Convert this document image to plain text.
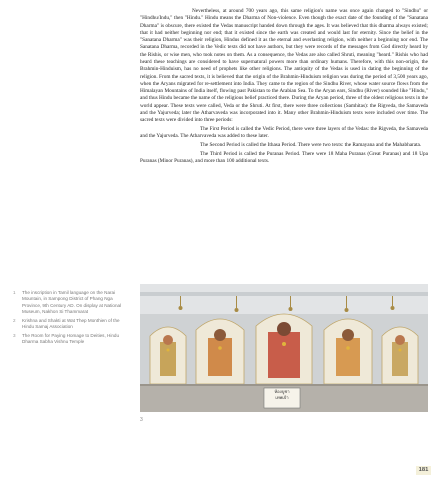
Nevertheless, at around 700 years ago, this same religion's name was once again changed to "Sindhu" or "Hindhu/Indu," then "Hindu." Hindu means the Dharma of Non-violence. Even though the exact date of the founding of the "Sanatana Dharma" is obscure, there existed the Vedas manuscript handed down through the ages. It was believed that this dharma always existed; that it had neither beginning nor end; that it existed since the earth was created and would last for eternity. Since the belief in the "Sanatana Dharma" was their religion, Hindus defined it as the eternal and everlasting religion, with neither a beginning nor end. The Sanatana Dharma, recorded in the Vedic texts did not have authors, but they were records of the messages from God directly heard by the Rishis, or wise men, who took notes on them. As a consequence, the Vedas are also called Shruti, meaning "heard." Rishis who had heard these teachings are considered to have supernatural powers more than ordinary humans. Therefore, with this non-origin, the Brahmin-Hinduism, has no need of prophets like other religions. The antiquity of the Vedas is used in dating the beginning of the religion. From the sacred texts, it is believed that the origin of the Brahmin-Hinduism religion was during the period of 3,500 years ago, when the Aryans migrated for re-settlement into India. They came to the region of the Sindhu River, whose water source flows from the Himalayan Mountains of India itself, flowing past Pakistan to the Arabian Sea. To the Aryan ears, Sindhu (River) sounded like "Hindu," and thus Hindu became the name of the religious belief practiced there. During the Aryan period, three of the oldest religious texts in the world appear. These texts were called, Veda or the Shruti. At first, there were three collections (Samhitas): the Rigveda, the Samaveda and the Yajurveda; later the Atharvaveda was incorporated into it. Many other Brahmin-Hinduism texts were included over time. The sacred texts were divided into three periods:

The First Period is called the Vedic Period, there were three layers of the Vedas: the Rigveda, the Samaveda and the Yajurveda. The Atharvaveda was added to these later.

The Second Period is called the Ithasa Period. There were two texts: the Ramayana and the Mahabharata.

The Third Period is called the Puranas Period. There were 18 Maha Puranas (Great Puranas) and 18 Upa Puranas (Minor Puranas), and more than 100 additional texts.

1	The inscription in Tamil language on the Narai Mountain, in Sampong District of Phang Nga Province, 9th Century AD. On display at National Museum, Nakhon Si Thammarat
2	Krishna and Shakti at Wat Thep Monthien of the Hindu Samaj Association
3	The Room for Paying Homage to Deities, Hindu Dharma Sabha Vishnu Temple
ห้องบูชา
เทพเจ้า
3
181
